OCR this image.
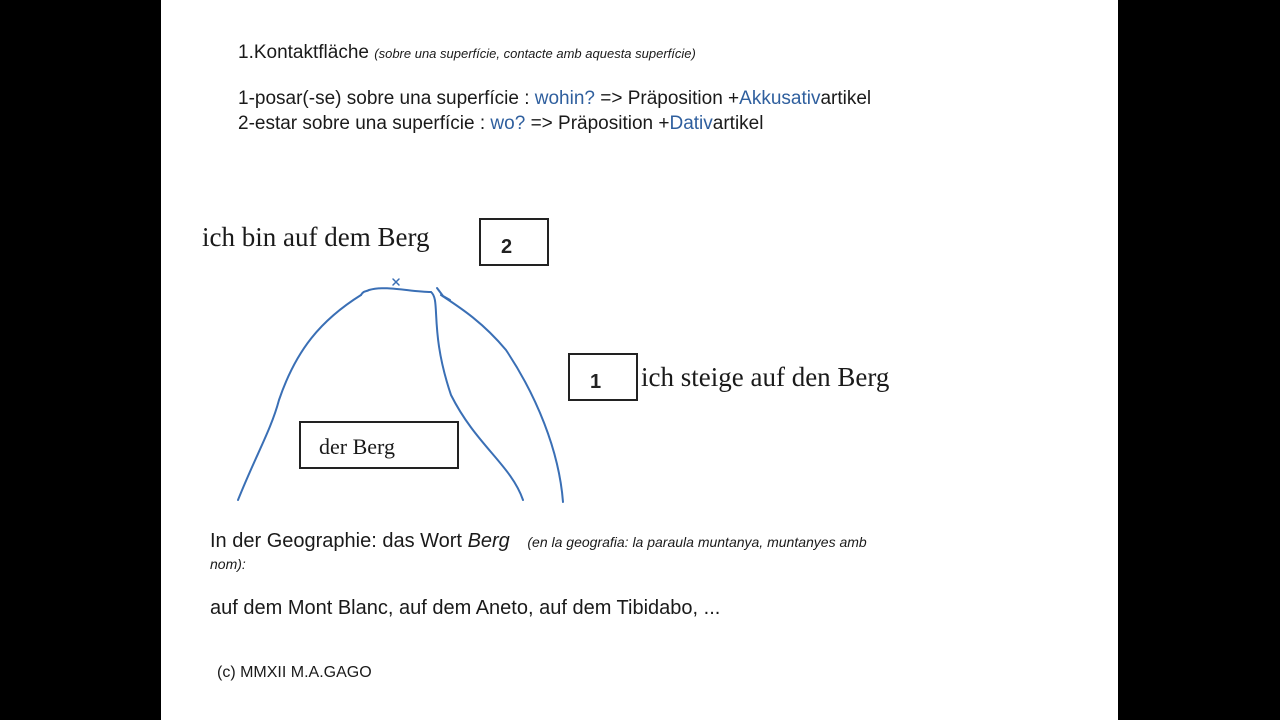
1.Kontaktfläche (sobre una superfície, contacte amb aquesta superfície)
1-posar(-se) sobre una superfície : wohin? => Präposition +Akkusativartikel
2-estar sobre una superfície : wo? => Präposition +Dativartikel
ich bin auf dem Berg	2
1 ich steige auf den Berg
der Berg
In der Geographie: das Wort Berg (en la geografia: la paraula muntanya, muntanyes amb
nom):
auf dem Mont Blanc, auf dem Aneto, auf dem Tibidabo, ...
(c) MMXII M.A.GAGO
